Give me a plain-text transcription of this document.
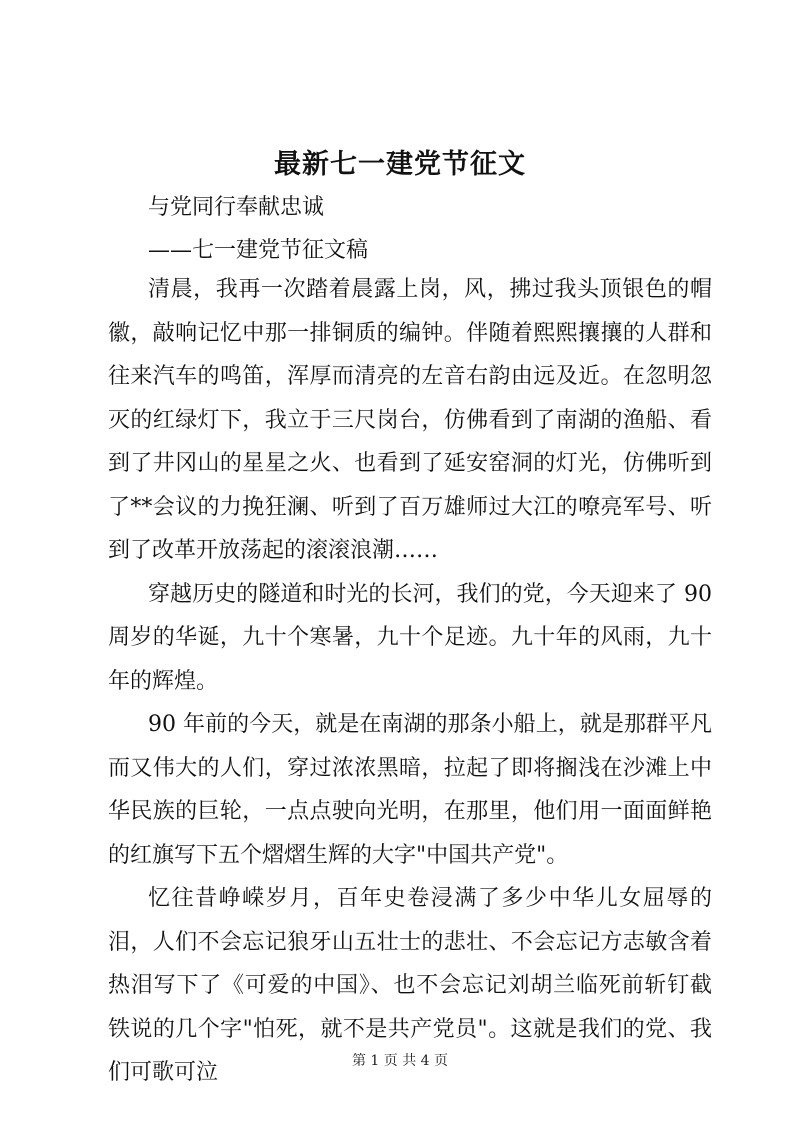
最新七一建党节征文

与党同行奉献忠诚

——七一建党节征文稿

清晨，我再一次踏着晨露上岗，风，拂过我头顶银色的帽徽，敲响记忆中那一排铜质的编钟。伴随着熙熙攘攘的人群和往来汽车的鸣笛，浑厚而清亮的左音右韵由远及近。在忽明忽灭的红绿灯下，我立于三尺岗台，仿佛看到了南湖的渔船、看到了井冈山的星星之火、也看到了延安窑洞的灯光，仿佛听到了**会议的力挽狂澜、听到了百万雄师过大江的嘹亮军号、听到了改革开放荡起的滚滚浪潮……

穿越历史的隧道和时光的长河，我们的党，今天迎来了 90 周岁的华诞，九十个寒暑，九十个足迹。九十年的风雨，九十年的辉煌。

90 年前的今天，就是在南湖的那条小船上，就是那群平凡而又伟大的人们，穿过浓浓黑暗，拉起了即将搁浅在沙滩上中华民族的巨轮，一点点驶向光明，在那里，他们用一面面鲜艳的红旗写下五个熠熠生辉的大字"中国共产党"。

忆往昔峥嵘岁月，百年史卷浸满了多少中华儿女屈辱的泪，人们不会忘记狼牙山五壮士的悲壮、不会忘记方志敏含着热泪写下了《可爱的中国》、也不会忘记刘胡兰临死前斩钉截铁说的几个字"怕死，就不是共产党员"。这就是我们的党、我们可歌可泣	第 1 页 共 4 页
